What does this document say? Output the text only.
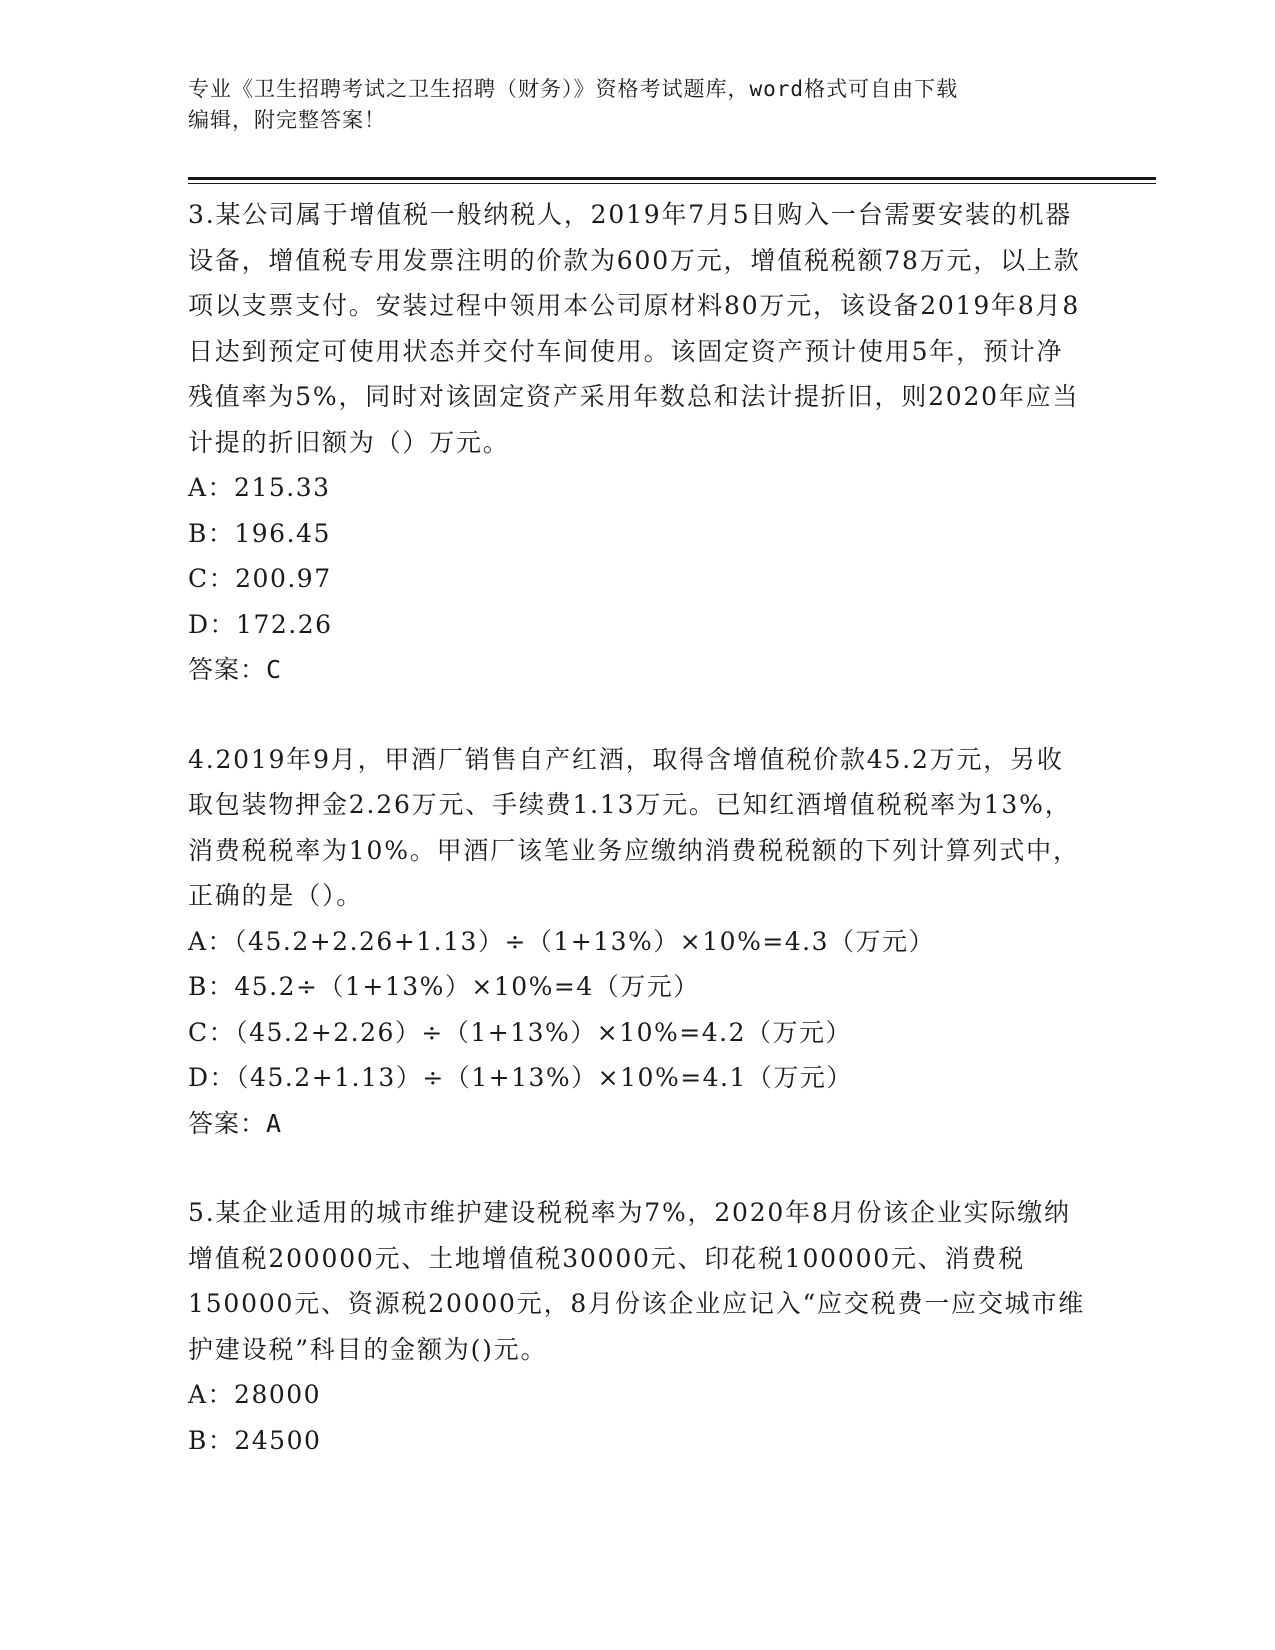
专业《卫生招聘考试之卫生招聘（财务）》资格考试题库，word格式可自由下载
编辑，附完整答案！

3.某公司属于增值税一般纳税人，2019年7月5日购入一台需要安装的机器设备，增值税专用发票注明的价款为600万元，增值税税额78万元，以上款项以支票支付。安装过程中领用本公司原材料80万元，该设备2019年8月8日达到预定可使用状态并交付车间使用。该固定资产预计使用5年，预计净残值率为5%，同时对该固定资产采用年数总和法计提折旧，则2020年应当计提的折旧额为（）万元。

A：215.33

B：196.45

C：200.97

D：172.26

答案：C

4.2019年9月，甲酒厂销售自产红酒，取得含增值税价款45.2万元，另收取包装物押金2.26万元、手续费1.13万元。已知红酒增值税税率为13%，消费税税率为10%。甲酒厂该笔业务应缴纳消费税税额的下列计算列式中，正确的是（）。

A：（45.2+2.26+1.13）÷（1+13%）×10%=4.3（万元）

B：45.2÷（1+13%）×10%=4（万元）

C：（45.2+2.26）÷（1+13%）×10%=4.2（万元）

D：（45.2+1.13）÷（1+13%）×10%=4.1（万元）

答案：A

5.某企业适用的城市维护建设税税率为7%，2020年8月份该企业实际缴纳增值税200000元、土地增值税30000元、印花税100000元、消费税150000元、资源税20000元，8月份该企业应记入“应交税费一应交城市维护建设税”科目的金额为()元。

A：28000

B：24500
